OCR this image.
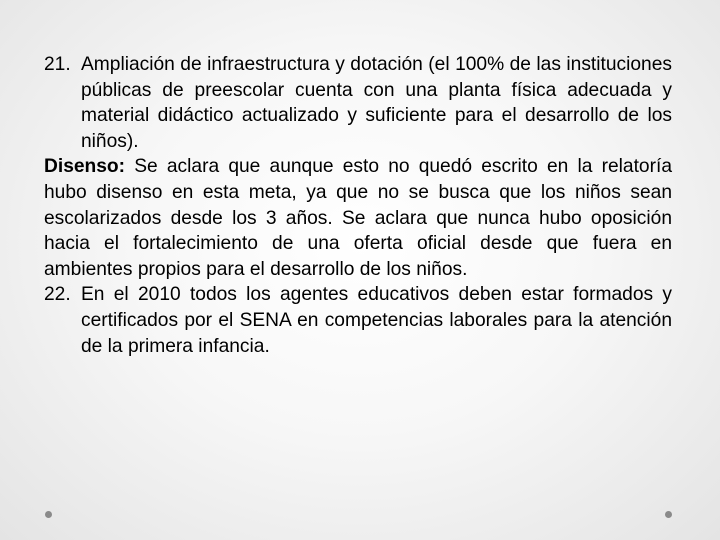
21. Ampliación de infraestructura y dotación (el 100% de las instituciones públicas de preescolar cuenta con una planta física adecuada y material didáctico actualizado y suficiente para el desarrollo de los niños).
Disenso: Se aclara que aunque esto no quedó escrito en la relatoría hubo disenso en esta meta, ya que no se busca que los niños sean escolarizados desde los 3 años. Se aclara que nunca hubo oposición hacia el fortalecimiento de una oferta oficial desde que fuera en ambientes propios para el desarrollo de los niños.
22. En el 2010 todos los agentes educativos deben estar formados y certificados por el SENA en competencias laborales para la atención de la primera infancia.
